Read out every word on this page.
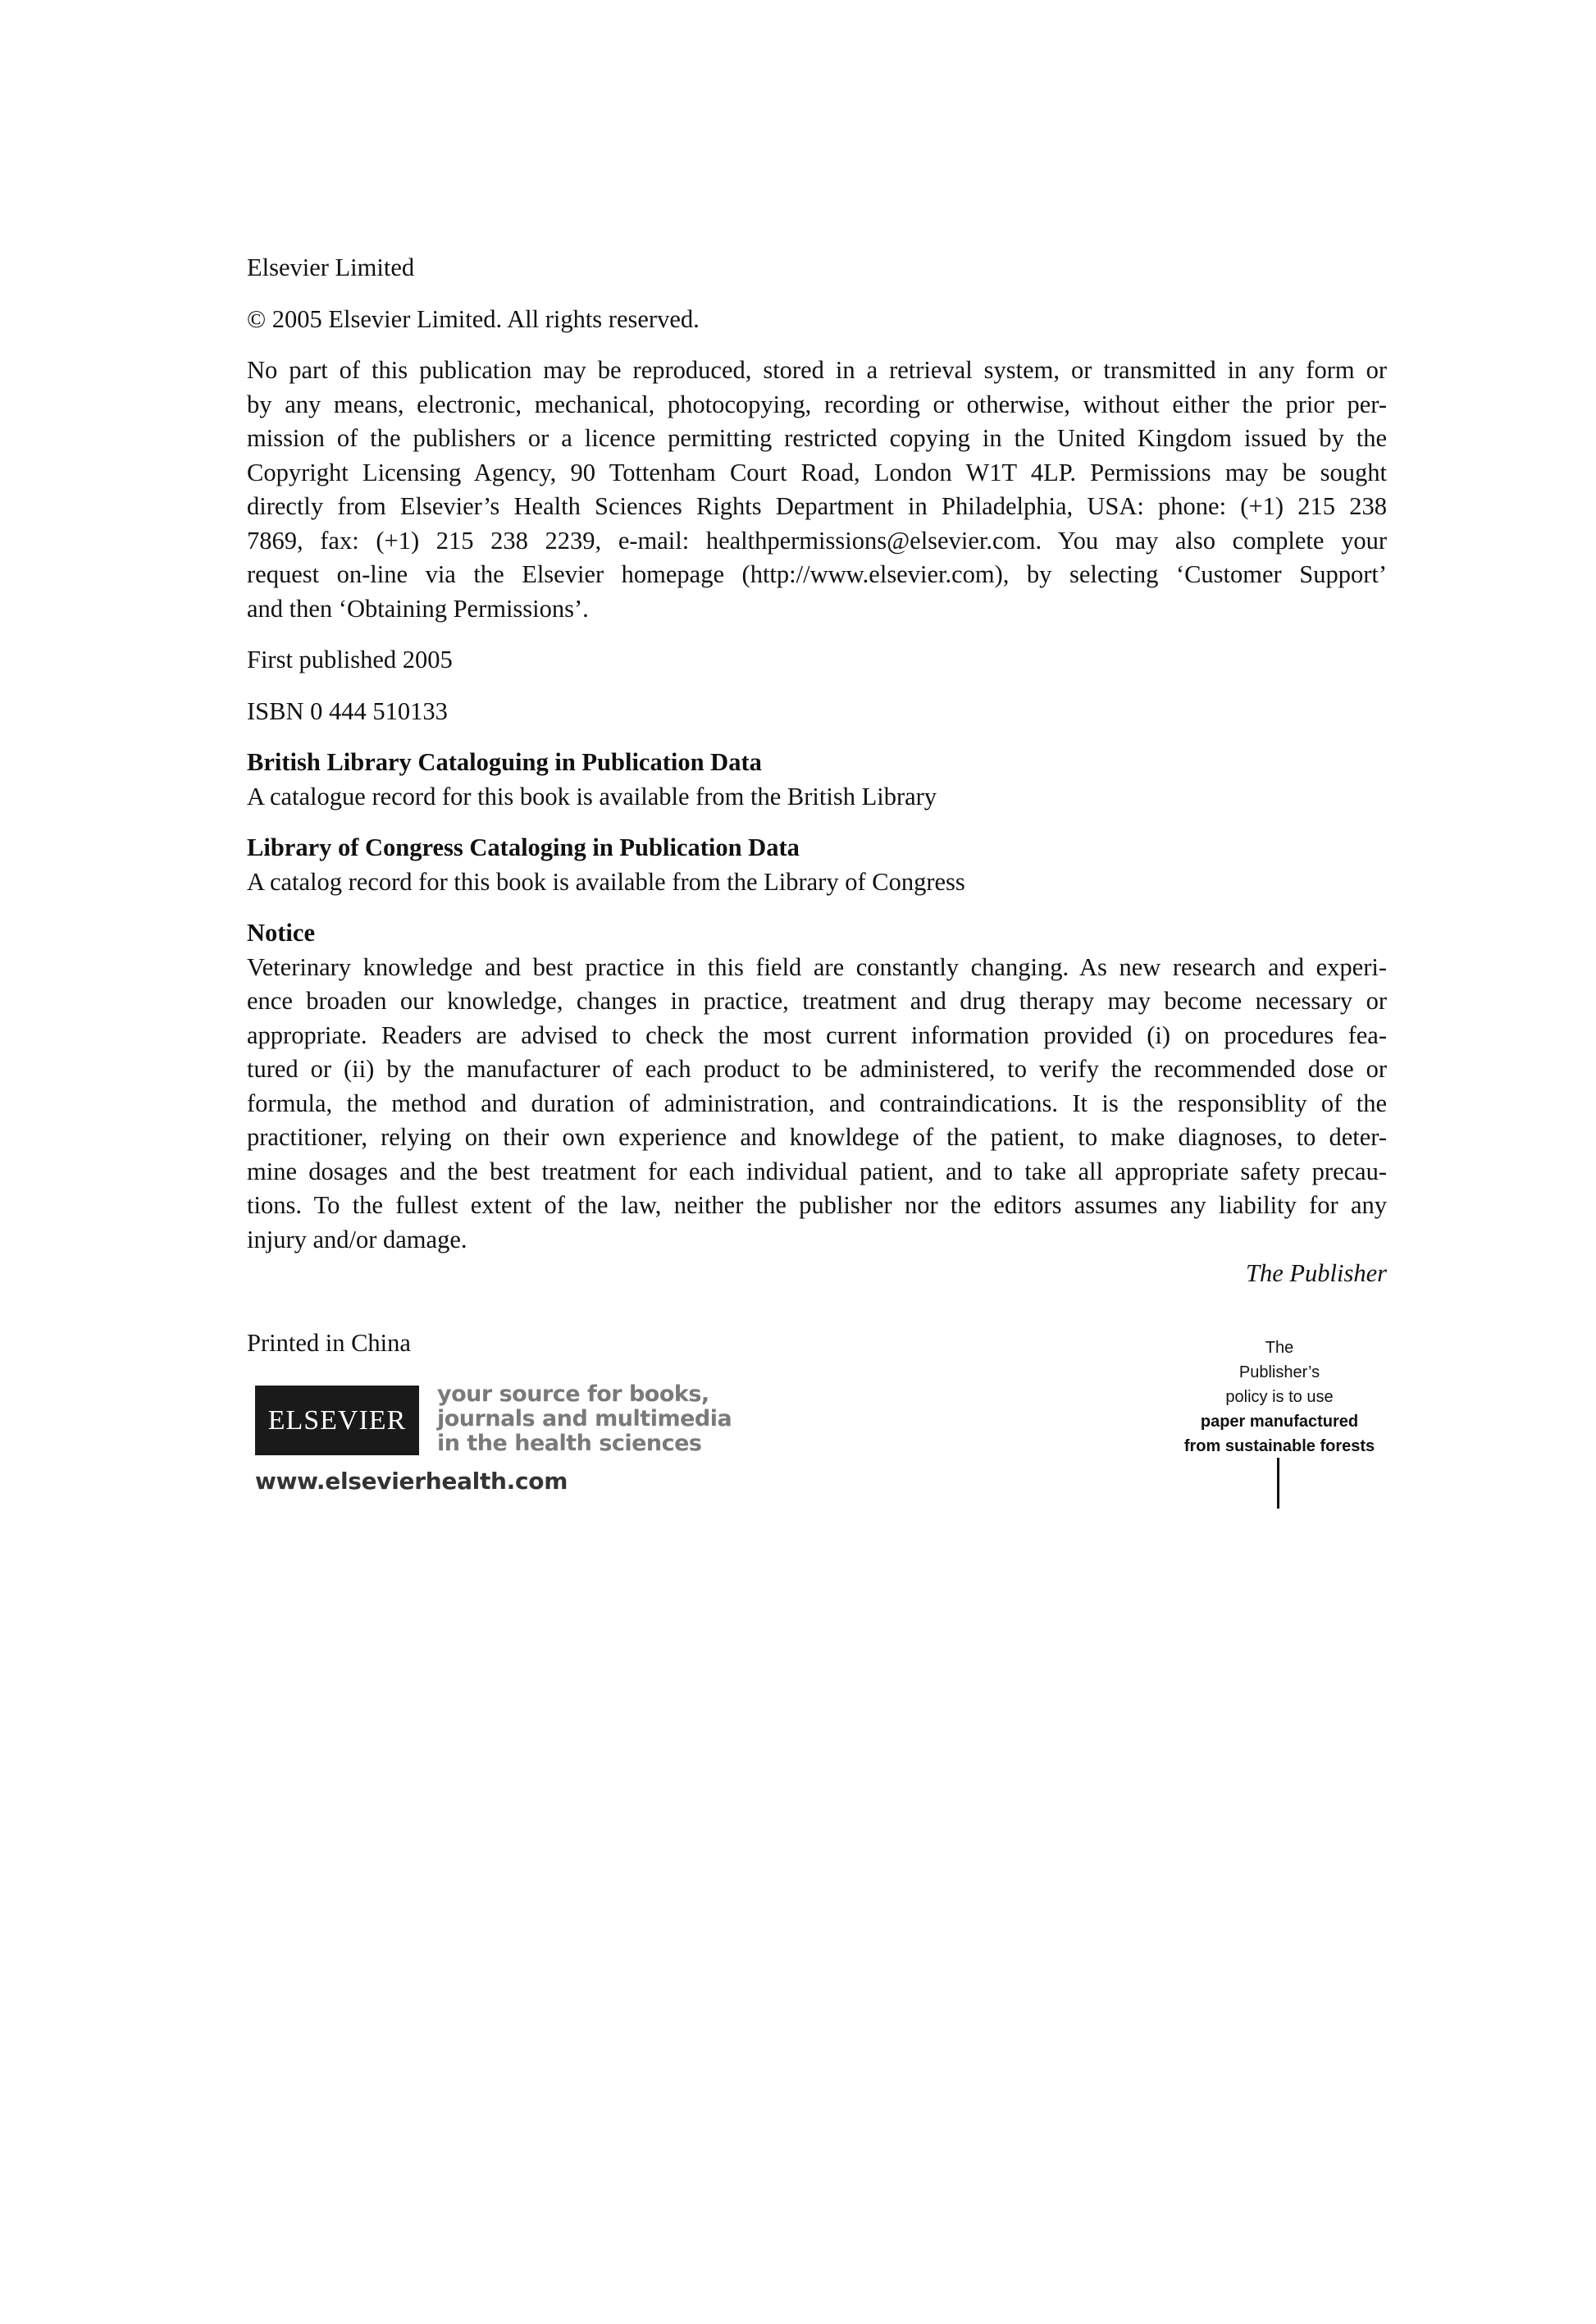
Elsevier Limited

© 2005 Elsevier Limited. All rights reserved.

No part of this publication may be reproduced, stored in a retrieval system, or transmitted in any form or
by any means, electronic, mechanical, photocopying, recording or otherwise, without either the prior per-
mission of the publishers or a licence permitting restricted copying in the United Kingdom issued by the
Copyright Licensing Agency, 90 Tottenham Court Road, London W1T 4LP. Permissions may be sought
directly from Elsevier’s Health Sciences Rights Department in Philadelphia, USA: phone: (+1) 215 238
7869, fax: (+1) 215 238 2239, e-mail: healthpermissions@elsevier.com. You may also complete your
request on-line via the Elsevier homepage (http://www.elsevier.com), by selecting ‘Customer Support’
and then ‘Obtaining Permissions’.

First published 2005

ISBN 0 444 510133

British Library Cataloguing in Publication Data

A catalogue record for this book is available from the British Library

Library of Congress Cataloging in Publication Data

A catalog record for this book is available from the Library of Congress

Notice

Veterinary knowledge and best practice in this field are constantly changing. As new research and experi-
ence broaden our knowledge, changes in practice, treatment and drug therapy may become necessary or
appropriate. Readers are advised to check the most current information provided (i) on procedures fea-
tured or (ii) by the manufacturer of each product to be administered, to verify the recommended dose or
formula, the method and duration of administration, and contraindications. It is the responsiblity of the
practitioner, relying on their own experience and knowldege of the patient, to make diagnoses, to deter-
mine dosages and the best treatment for each individual patient, and to take all appropriate safety precau-
tions. To the fullest extent of the law, neither the publisher nor the editors assumes any liability for any
injury and/or damage.

The Publisher

Printed in China
ELSEVIER
your source for books,
journals and multimedia
in the health sciences
www.elsevierhealth.com
The
Publisher’s
policy is to use
paper manufactured
from sustainable forests
